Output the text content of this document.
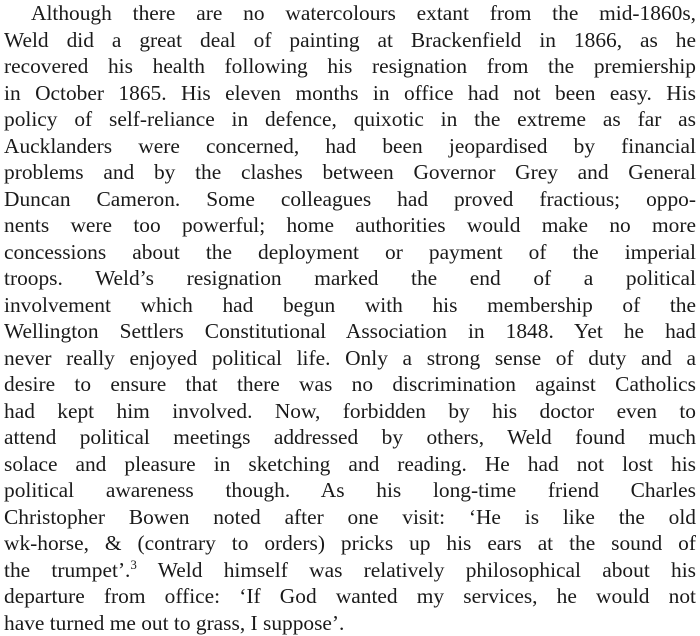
Although there are no watercolours extant from the mid-1860s,
Weld did a great deal of painting at Brackenfield in 1866, as he
recovered his health following his resignation from the premiership
in October 1865. His eleven months in office had not been easy. His
policy of self-reliance in defence, quixotic in the extreme as far as
Aucklanders were concerned, had been jeopardised by financial
problems and by the clashes between Governor Grey and General
Duncan Cameron. Some colleagues had proved fractious; oppo-
nents were too powerful; home authorities would make no more
concessions about the deployment or payment of the imperial
troops. Weld’s resignation marked the end of a political
involvement which had begun with his membership of the
Wellington Settlers Constitutional Association in 1848. Yet he had
never really enjoyed political life. Only a strong sense of duty and a
desire to ensure that there was no discrimination against Catholics
had kept him involved. Now, forbidden by his doctor even to
attend political meetings addressed by others, Weld found much
solace and pleasure in sketching and reading. He had not lost his
political awareness though. As his long-time friend Charles
Christopher Bowen noted after one visit: ‘He is like the old
wk-horse, & (contrary to orders) pricks up his ears at the sound of
the trumpet’.$^3$ Weld himself was relatively philosophical about his
departure from office: ‘If God wanted my services, he would not
have turned me out to grass, I suppose’.
